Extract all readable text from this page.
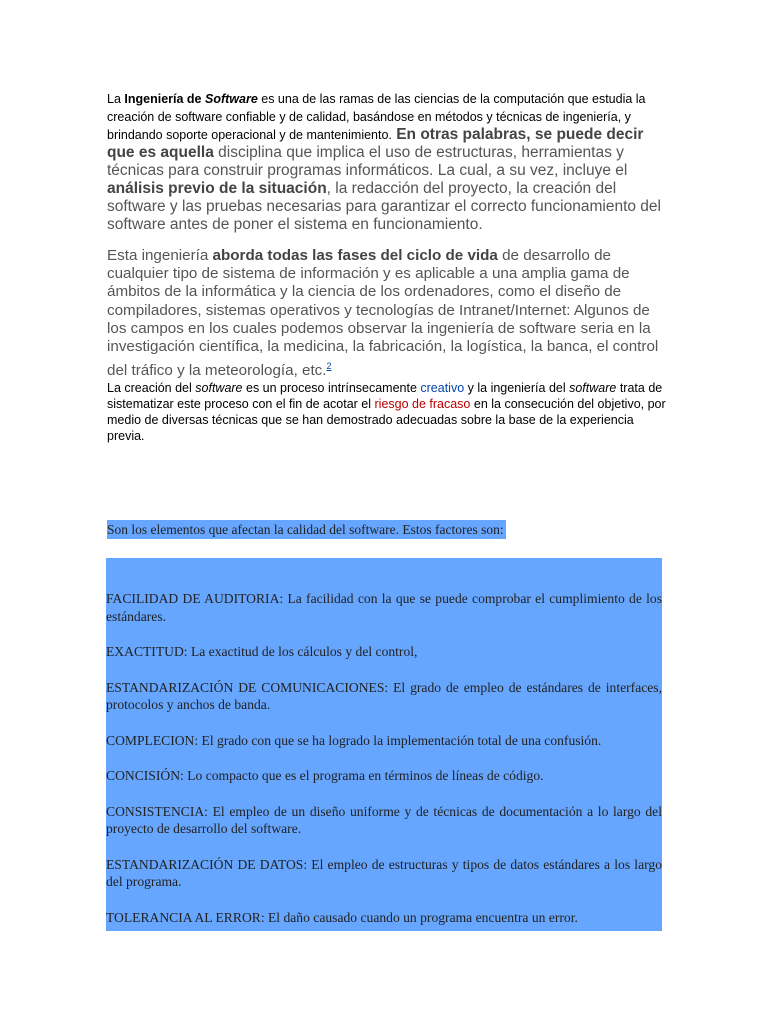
La Ingeniería de Software es una de las ramas de las ciencias de la computación que estudia la creación de software confiable y de calidad, basándose en métodos y técnicas de ingeniería, y brindando soporte operacional y de mantenimiento. En otras palabras, se puede decir que es aquella disciplina que implica el uso de estructuras, herramientas y técnicas para construir programas informáticos. La cual, a su vez, incluye el análisis previo de la situación, la redacción del proyecto, la creación del software y las pruebas necesarias para garantizar el correcto funcionamiento del software antes de poner el sistema en funcionamiento.

Esta ingeniería aborda todas las fases del ciclo de vida de desarrollo de cualquier tipo de sistema de información y es aplicable a una amplia gama de ámbitos de la informática y la ciencia de los ordenadores, como el diseño de compiladores, sistemas operativos y tecnologías de Intranet/Internet: Algunos de los campos en los cuales podemos observar la ingeniería de software seria en la investigación científica, la medicina, la fabricación, la logística, la banca, el control del tráfico y la meteorología, etc.$^2$

La creación del software es un proceso intrínsecamente creativo y la ingeniería del software trata de sistematizar este proceso con el fin de acotar el riesgo de fracaso en la consecución del objetivo, por medio de diversas técnicas que se han demostrado adecuadas sobre la base de la experiencia previa.

Son los elementos que afectan la calidad del software. Estos factores son:

FACILIDAD DE AUDITORIA: La facilidad con la que se puede comprobar el cumplimiento de los estándares.

EXACTITUD: La exactitud de los cálculos y del control,

ESTANDARIZACIÓN DE COMUNICACIONES: El grado de empleo de estándares de interfaces, protocolos y anchos de banda.

COMPLECION: El grado con que se ha logrado la implementación total de una confusión.

CONCISIÓN: Lo compacto que es el programa en términos de líneas de código.

CONSISTENCIA: El empleo de un diseño uniforme y de técnicas de documentación a lo largo del proyecto de desarrollo del software.

ESTANDARIZACIÓN DE DATOS: El empleo de estructuras y tipos de datos estándares a los largo del programa.

TOLERANCIA AL ERROR: El daño causado cuando un programa encuentra un error.
